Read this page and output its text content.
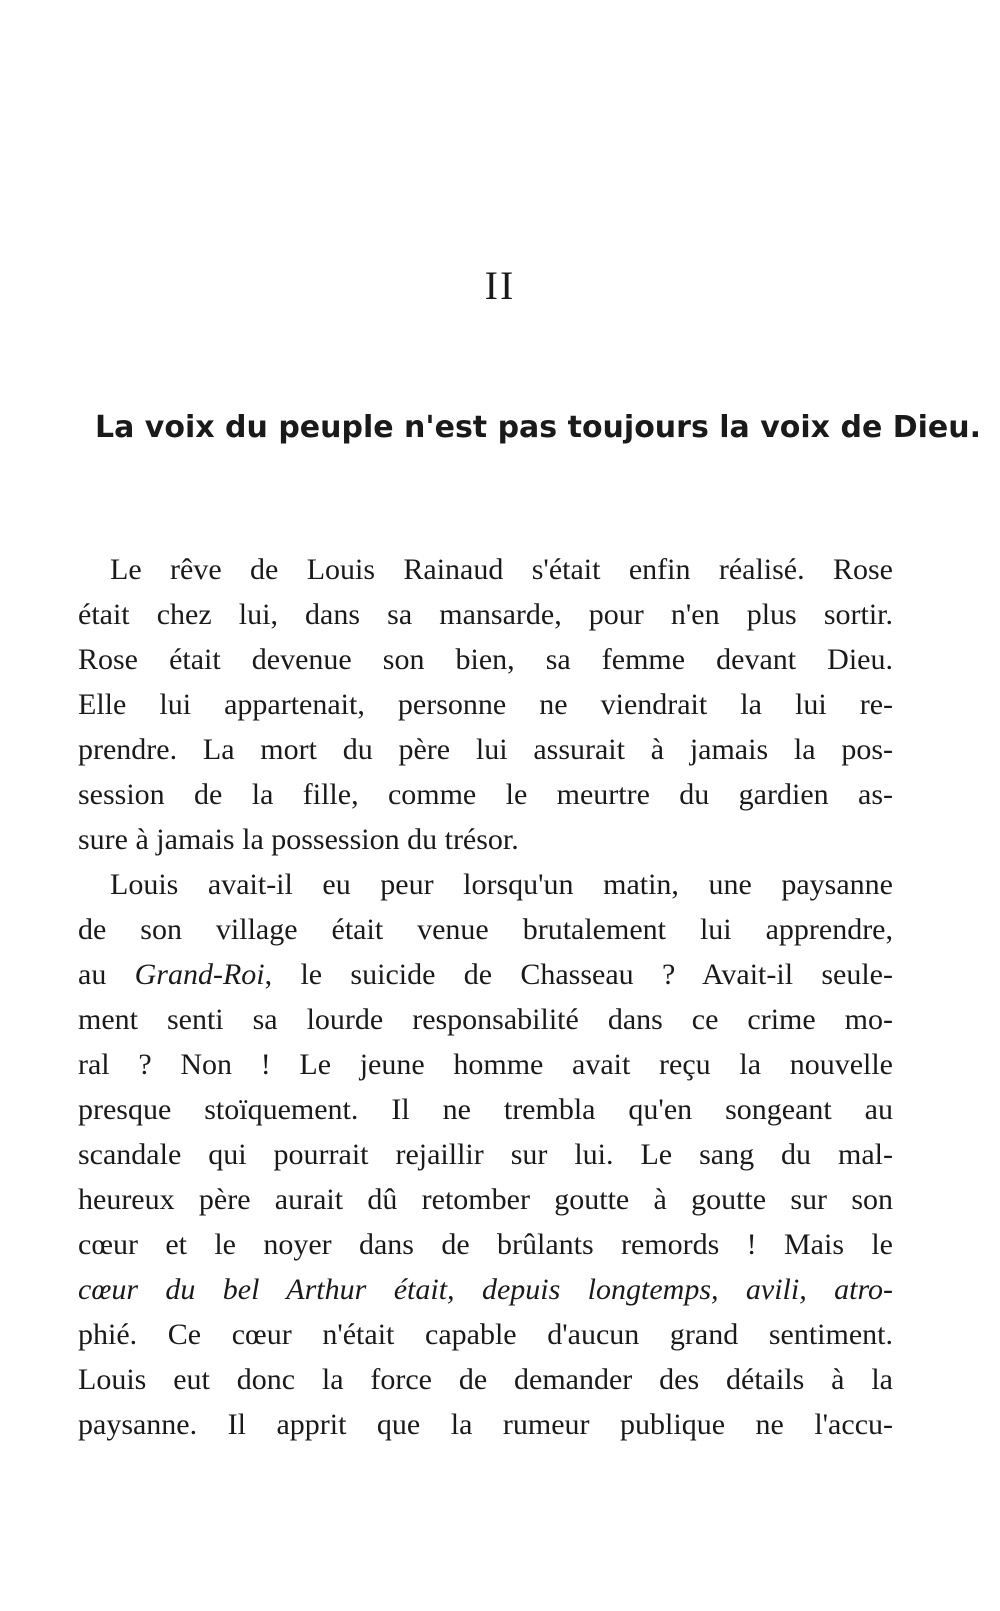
II
La voix du peuple n'est pas toujours la voix de Dieu.
Le rêve de Louis Rainaud s'était enfin réalisé. Rose
était chez lui, dans sa mansarde, pour n'en plus sortir.
Rose était devenue son bien, sa femme devant Dieu.
Elle lui appartenait, personne ne viendrait la lui re-
prendre. La mort du père lui assurait à jamais la pos-
session de la fille, comme le meurtre du gardien as-
sure à jamais la possession du trésor.
Louis avait-il eu peur lorsqu'un matin, une paysanne
de son village était venue brutalement lui apprendre,
au Grand-Roi, le suicide de Chasseau ? Avait-il seule-
ment senti sa lourde responsabilité dans ce crime mo-
ral ? Non ! Le jeune homme avait reçu la nouvelle
presque stoïquement. Il ne trembla qu'en songeant au
scandale qui pourrait rejaillir sur lui. Le sang du mal-
heureux père aurait dû retomber goutte à goutte sur son
cœur et le noyer dans de brûlants remords ! Mais le
cœur du bel Arthur était, depuis longtemps, avili, atro-
phié. Ce cœur n'était capable d'aucun grand sentiment.
Louis eut donc la force de demander des détails à la
paysanne. Il apprit que la rumeur publique ne l'accu-
